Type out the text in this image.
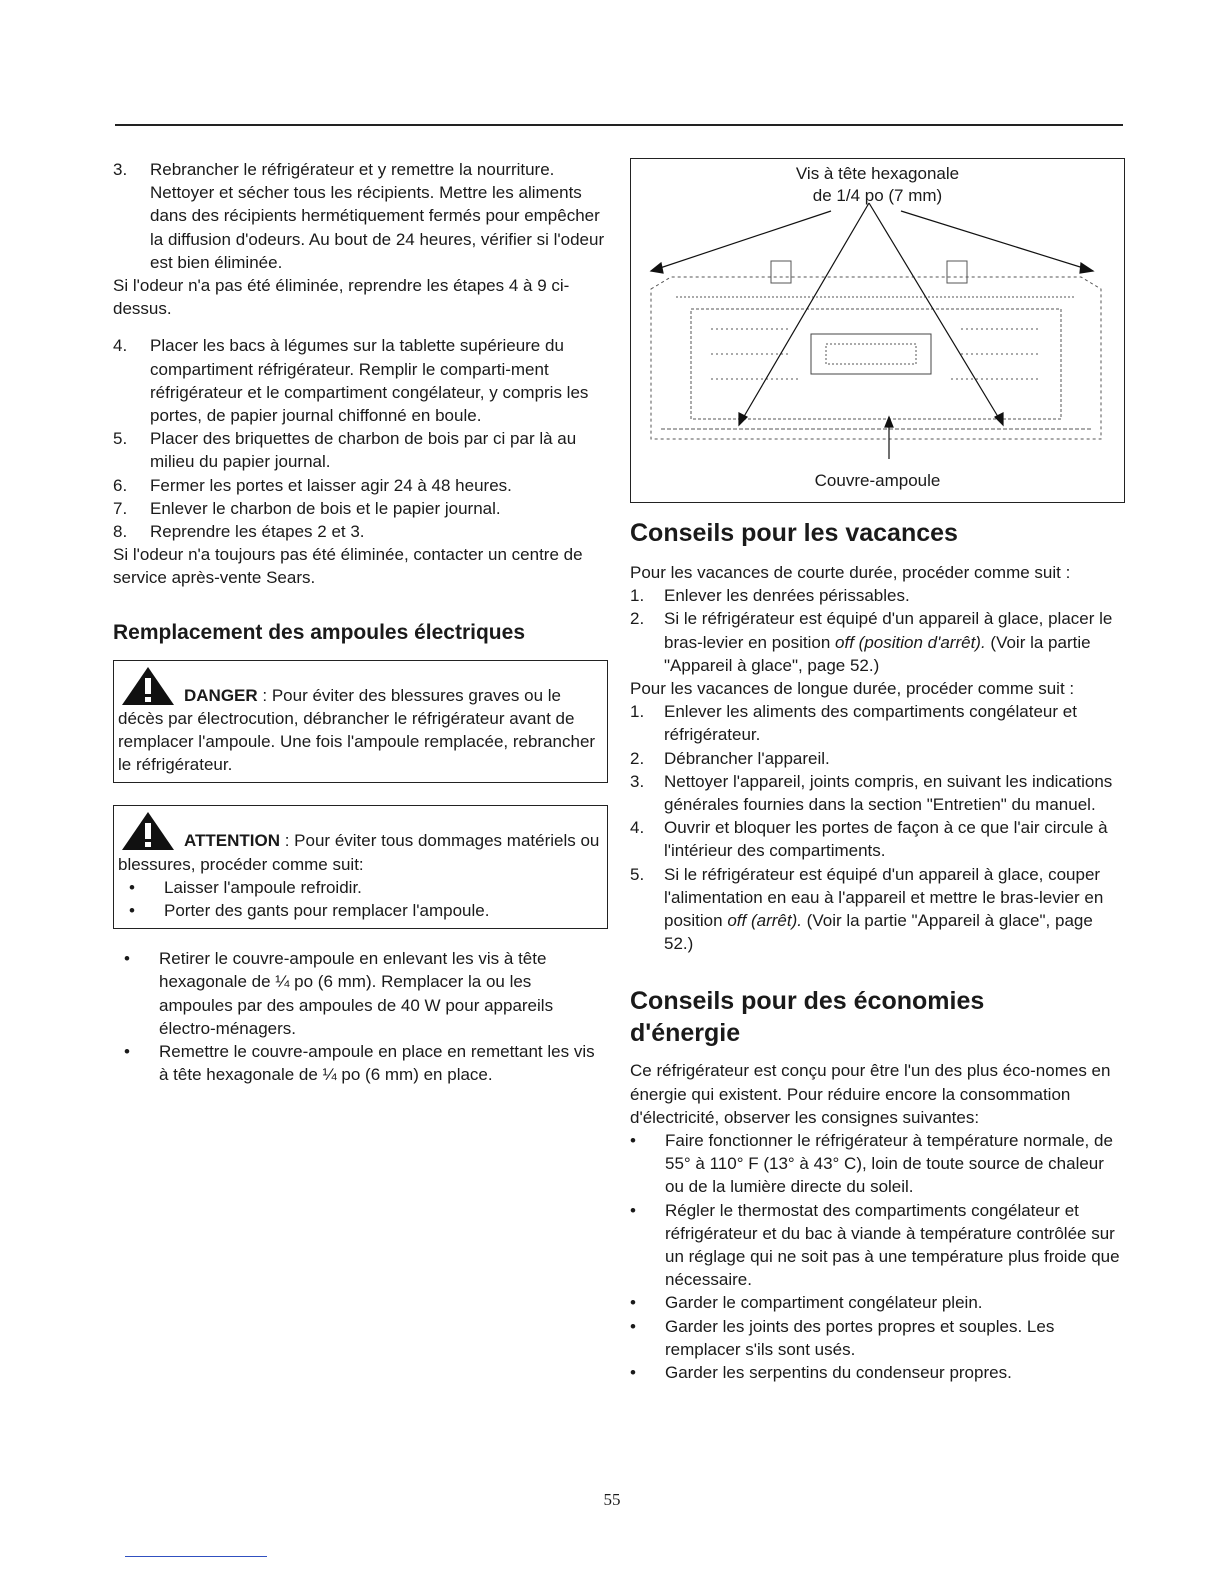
3.	Rebrancher le réfrigérateur et y remettre la nourriture. Nettoyer et sécher tous les récipients. Mettre les aliments dans des récipients hermétiquement fermés pour empêcher la diffusion d'odeurs. Au bout de 24 heures, vérifier si l'odeur est bien éliminée.

Si l'odeur n'a pas été éliminée, reprendre les étapes 4 à 9 ci-dessus.

4.	Placer les bacs à légumes sur la tablette supérieure du compartiment réfrigérateur. Remplir le comparti-ment réfrigérateur et le compartiment congélateur, y compris les portes, de papier journal chiffonné en boule.
5.	Placer des briquettes de charbon de bois par ci par là au milieu du papier journal.
6.	Fermer les portes et laisser agir 24 à 48 heures.
7.	Enlever le charbon de bois et le papier journal.
8.	Reprendre les étapes 2 et 3.

Si l'odeur n'a toujours pas été éliminée, contacter un centre de service après-vente Sears.

Remplacement des ampoules électriques
DANGER : Pour éviter des blessures graves ou le décès par électrocution, débrancher le réfrigérateur avant de remplacer l'ampoule. Une fois l'ampoule remplacée, rebrancher le réfrigérateur.
ATTENTION : Pour éviter tous dommages matériels ou blessures, procéder comme suit:
•	Laisser l'ampoule refroidir.
•	Porter des gants pour remplacer l'ampoule.
•	Retirer le couvre-ampoule en enlevant les vis à tête hexagonale de ¼ po (6 mm). Remplacer la ou les ampoules par des ampoules de 40 W pour appareils électro-ménagers.
•	Remettre le couvre-ampoule en place en remettant les vis à tête hexagonale de ¼ po (6 mm) en place.
Vis à tête hexagonale
de 1/4 po (7 mm)
Couvre-ampoule
Conseils pour les vacances

Pour les vacances de courte durée, procéder comme suit :

1.	Enlever les denrées périssables.
2.	Si le réfrigérateur est équipé d'un appareil à glace, placer le bras-levier en position off (position d'arrêt). (Voir la partie "Appareil à glace", page 52.)

Pour les vacances de longue durée, procéder comme suit :

1.	Enlever les aliments des compartiments congélateur et réfrigérateur.
2.	Débrancher l'appareil.
3.	Nettoyer l'appareil, joints compris, en suivant les indications générales fournies dans la section "Entretien" du manuel.
4.	Ouvrir et bloquer les portes de façon à ce que l'air circule à l'intérieur des compartiments.
5.	Si le réfrigérateur est équipé d'un appareil à glace, couper l'alimentation en eau à l'appareil et mettre le bras-levier en position off (arrêt). (Voir la partie "Appareil à glace", page 52.)
Conseils pour des économies
d'énergie

Ce réfrigérateur est conçu pour être l'un des plus éco-nomes en énergie qui existent. Pour réduire encore la consommation d'électricité, observer les consignes suivantes:

•	Faire fonctionner le réfrigérateur à température normale, de 55° à 110° F (13° à 43° C), loin de toute source de chaleur ou de la lumière directe du soleil.
•	Régler le thermostat des compartiments congélateur et réfrigérateur et du bac à viande à température contrôlée sur un réglage qui ne soit pas à une température plus froide que nécessaire.
•	Garder le compartiment congélateur plein.
•	Garder les joints des portes propres et souples. Les remplacer s'ils sont usés.
•	Garder les serpentins du condenseur propres.
55
